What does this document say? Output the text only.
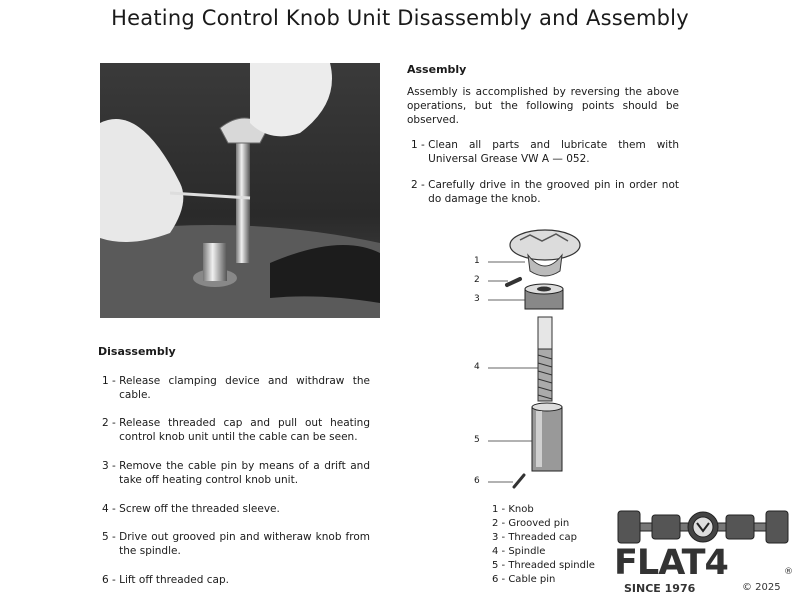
Heating Control Knob Unit Disassembly and Assembly
Assembly
Assembly is accomplished by reversing the above operations, but the following points should be observed.
1 - Clean all parts and lubricate them with Universal Grease VW A — 052.
2 - Carefully drive in the grooved pin in order not do damage the knob.
Disassembly
1 - Release clamping device and withdraw the cable.
2 - Release threaded cap and pull out heating control knob unit until the cable can be seen.
3 - Remove the cable pin by means of a drift and take off heating control knob unit.
4 - Screw off the threaded sleeve.
5 - Drive out grooved pin and witheraw knob from the spindle.
6 - Lift off threaded cap.
1
2
3
4
5
6
1 - Knob
2 - Grooved pin
3 - Threaded cap
4 - Spindle
5 - Threaded spindle
6 - Cable pin	FLAT4	®
SINCE 1976	© 2025
